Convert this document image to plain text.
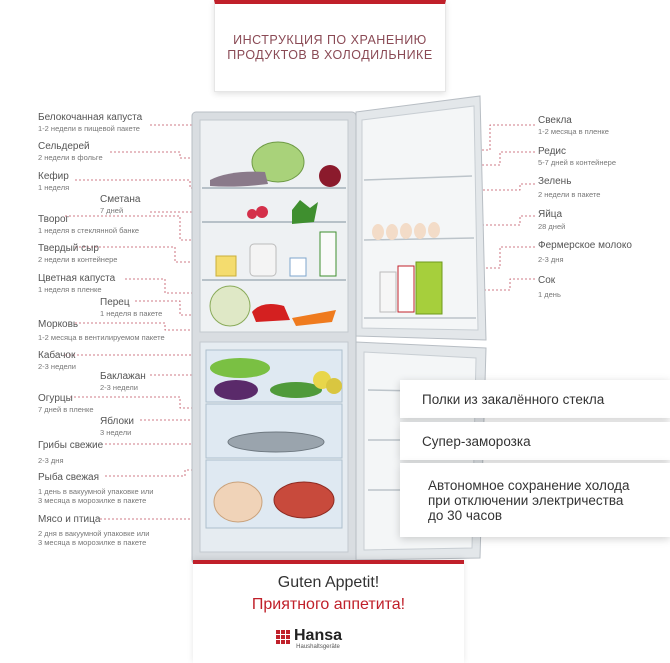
ИНСТРУКЦИЯ ПО ХРАНЕНИЮ
ПРОДУКТОВ В ХОЛОДИЛЬНИКЕ
Белокочанная капуста
1-2 недели в пищевой пакете
Сельдерей
2 недели в фольге
Кефир
1 неделя
Сметана
7 дней
Творог
1 неделя в стеклянной банке
Твердый сыр
2 недели в контейнере
Цветная капуста
1 неделя в пленке
Перец
1 неделя в пакете
Морковь
1-2 месяца в вентилируемом пакете
Кабачок
2-3 недели
Баклажан
2-3 недели
Огурцы
7 дней в пленке
Яблоки
3 недели
Грибы свежие
2-3 дня
Рыба свежая
1 день в вакуумной упаковке или
3 месяца в морозилке в пакете
Мясо и птица
2 дня в вакуумной упаковке или
3 месяца в морозилке в пакете
Свекла
1-2 месяца в пленке
Редис
5-7 дней в контейнере
Зелень
2 недели в пакете
Яйца
28 дней
Фермерское молоко
2-3 дня
Сок
1 день
Полки из закалённого стекла
Супер-заморозка
Автономное сохранение холода
при отключении электричества
до 30 часов
Guten Appetit!
Приятного аппетита!
Hansa
Haushaltsgeräte
